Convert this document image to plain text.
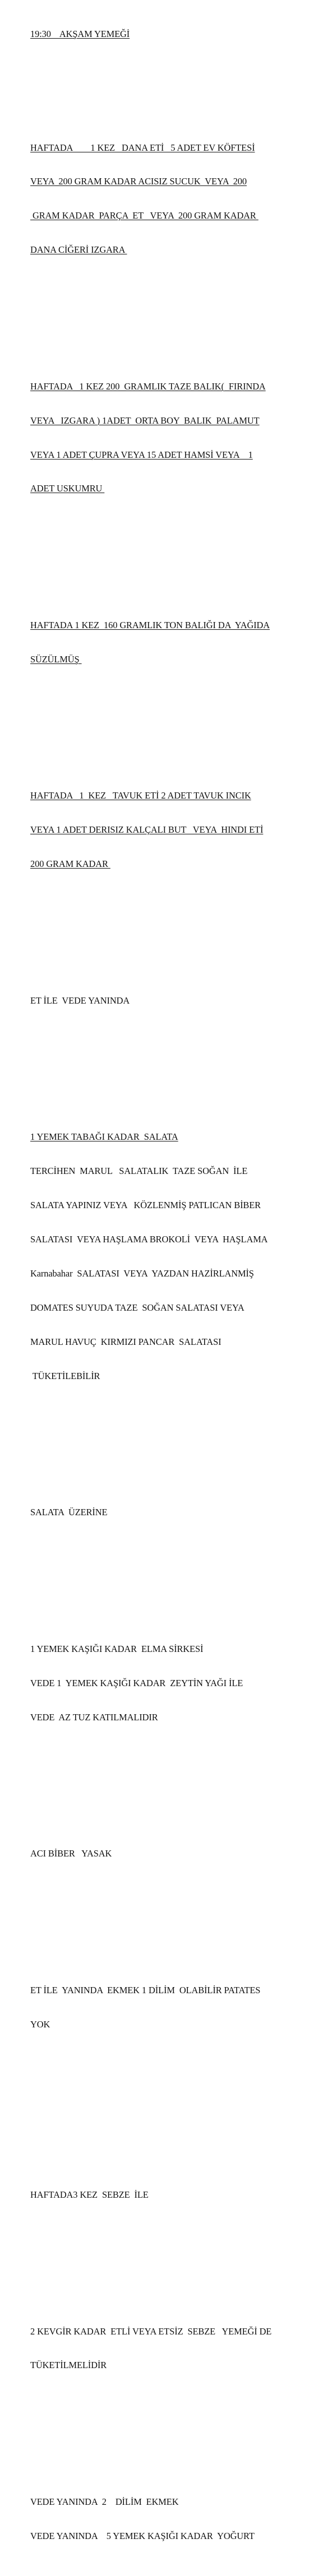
19:30    AKŞAM YEMEĞİ

HAFTADA        1 KEZ   DANA ETİ   5 ADET EV KÖFTESİ

VEYA  200 GRAM KADAR ACISIZ SUCUK  VEYA  200

GRAM KADAR  PARÇA  ET   VEYA  200 GRAM KADAR

DANA CİĞERİ IZGARA

HAFTADA   1 KEZ 200  GRAMLIK TAZE BALIK(  FIRINDA

VEYA   IZGARA ) 1ADET  ORTA BOY  BALIK  PALAMUT

VEYA 1 ADET ÇUPRA VEYA 15 ADET HAMSİ VEYA    1

ADET USKUMRU

HAFTADA 1 KEZ  160 GRAMLIK TON BALIĞI DA  YAĞIDA

SÜZÜLMÜŞ

HAFTADA   1  KEZ   TAVUK ETİ 2 ADET TAVUK INCIK

VEYA 1 ADET DERISIZ KALÇALI BUT   VEYA  HINDI ETİ

200 GRAM KADAR

ET İLE  VEDE YANINDA

1 YEMEK TABAĞI KADAR  SALATA

TERCİHEN  MARUL   SALATALIK  TAZE SOĞAN  İLE

SALATA YAPINIZ VEYA   KÖZLENMİŞ PATLICAN BİBER

SALATASI  VEYA HAŞLAMA BROKOLİ  VEYA  HAŞLAMA

Karnabahar  SALATASI  VEYA  YAZDAN HAZİRLANMİŞ

DOMATES SUYUDA TAZE  SOĞAN SALATASI VEYA

MARUL HAVUÇ  KIRMIZI PANCAR  SALATASI

TÜKETİLEBİLİR

SALATA  ÜZERİNE

1 YEMEK KAŞIĞI KADAR  ELMA SİRKESİ

VEDE 1  YEMEK KAŞIĞI KADAR  ZEYTİN YAĞI İLE

VEDE  AZ TUZ KATILMALIDIR

ACI BİBER   YASAK

ET İLE  YANINDA  EKMEK 1 DİLİM  OLABİLİR PATATES

YOK

HAFTADA3 KEZ  SEBZE  İLE

2 KEVGİR KADAR  ETLİ VEYA ETSİZ  SEBZE   YEMEĞİ DE

TÜKETİLMELİDİR

VEDE YANINDA  2    DİLİM  EKMEK

VEDE YANINDA    5 YEMEK KAŞIĞI KADAR  YOĞURT
